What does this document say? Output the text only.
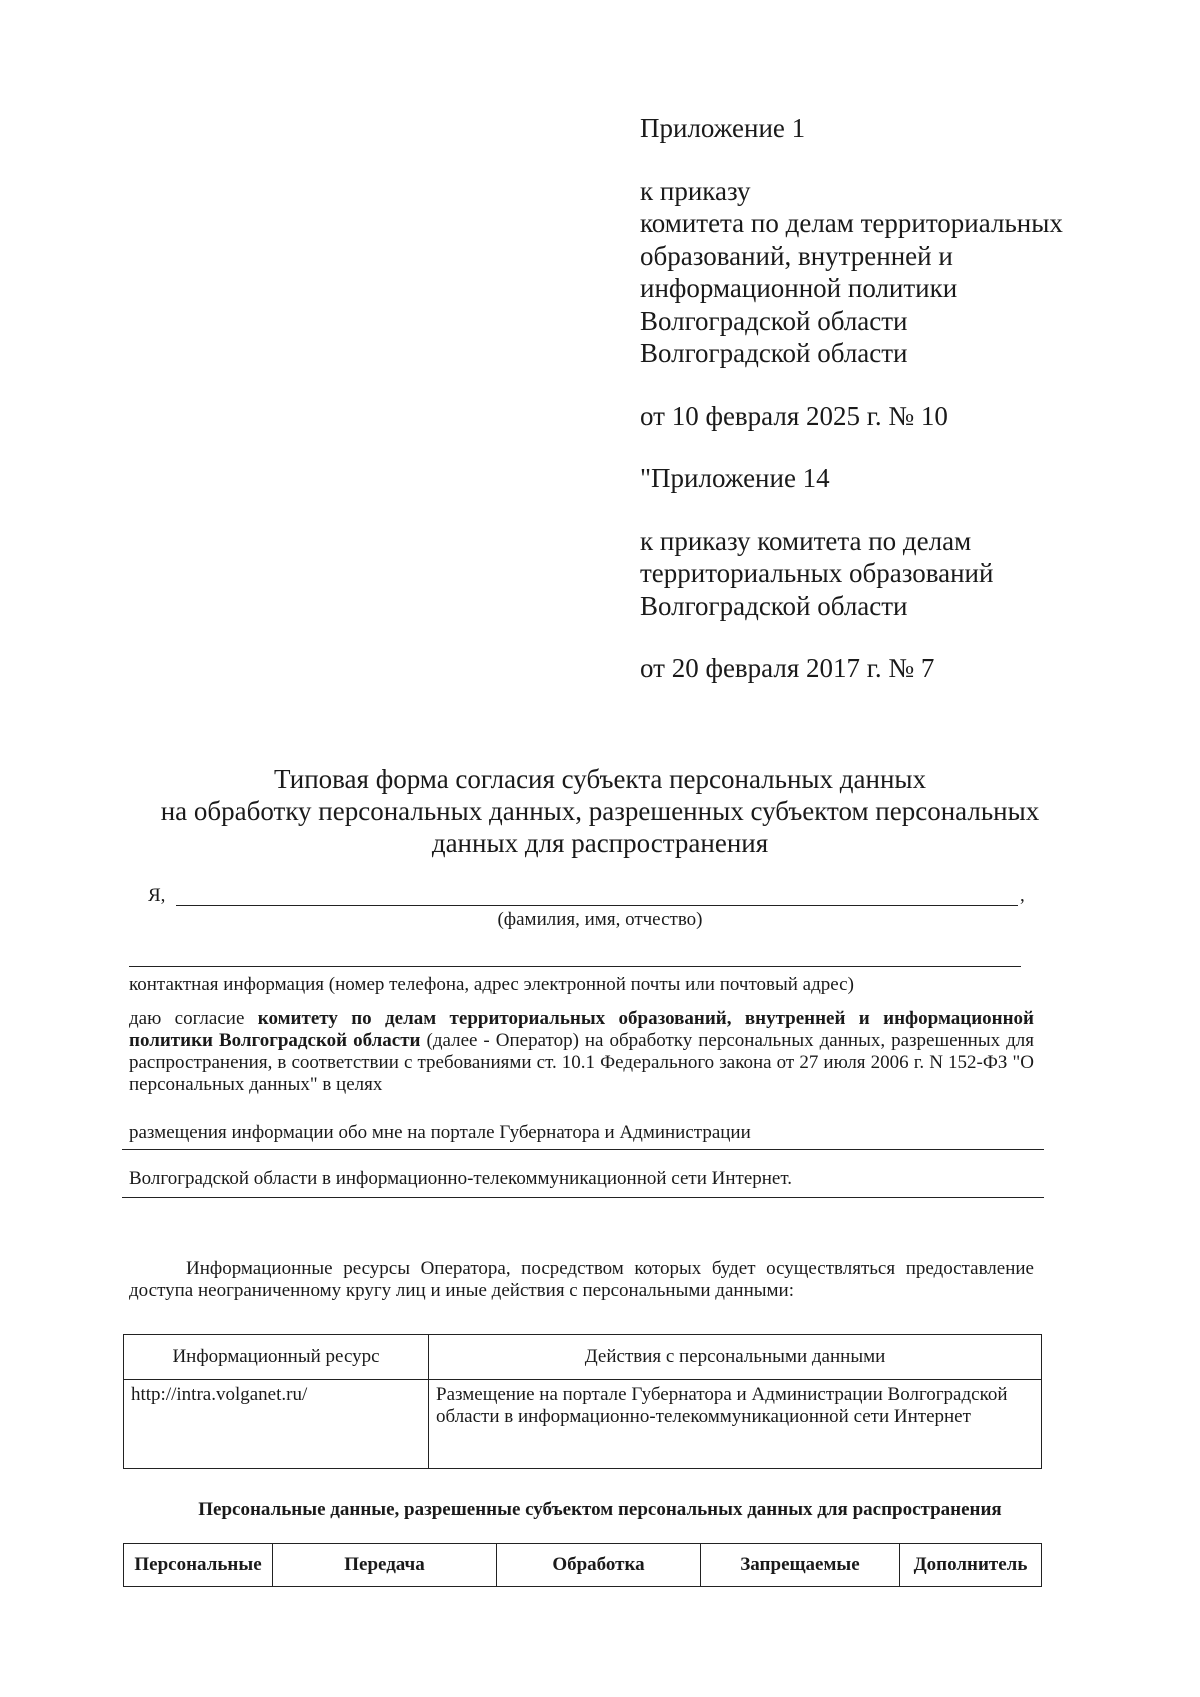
Приложение 1

к приказу

комитета по делам территориальных

образований, внутренней и

информационной политики

Волгоградской области

Волгоградской области

от 10 февраля 2025 г. № 10

"Приложение 14

к приказу комитета по делам

территориальных образований

Волгоградской области

от 20 февраля 2017 г. № 7

Типовая форма согласия субъекта персональных данных
на обработку персональных данных, разрешенных субъектом персональных
данных для распространения
Я,	,
(фамилия, имя, отчество)
контактная информация (номер телефона, адрес электронной почты или почтовый адрес)

даю согласие комитету по делам территориальных образований, внутренней и информационной политики Волгоградской области (далее - Оператор) на обработку персональных данных, разрешенных для распространения, в соответствии с требованиями ст. 10.1 Федерального закона от 27 июля 2006 г. N 152-ФЗ "О персональных данных" в целях

размещения информации обо мне на портале Губернатора и Администрации
Волгоградской области в информационно-телекоммуникационной сети Интернет.

Информационные ресурсы Оператора, посредством которых будет осуществляться предоставление доступа неограниченному кругу лиц и иные действия с персональными данными:

Информационный ресурс	Действия с персональными данными
http://intra.volganet.ru/	Размещение на портале Губернатора и Администрации Волгоградской области в информационно-телекоммуникационной сети Интернет
Персональные данные, разрешенные субъектом персональных данных для распространения
Персональные	Передача	Обработка	Запрещаемые	Дополнитель
